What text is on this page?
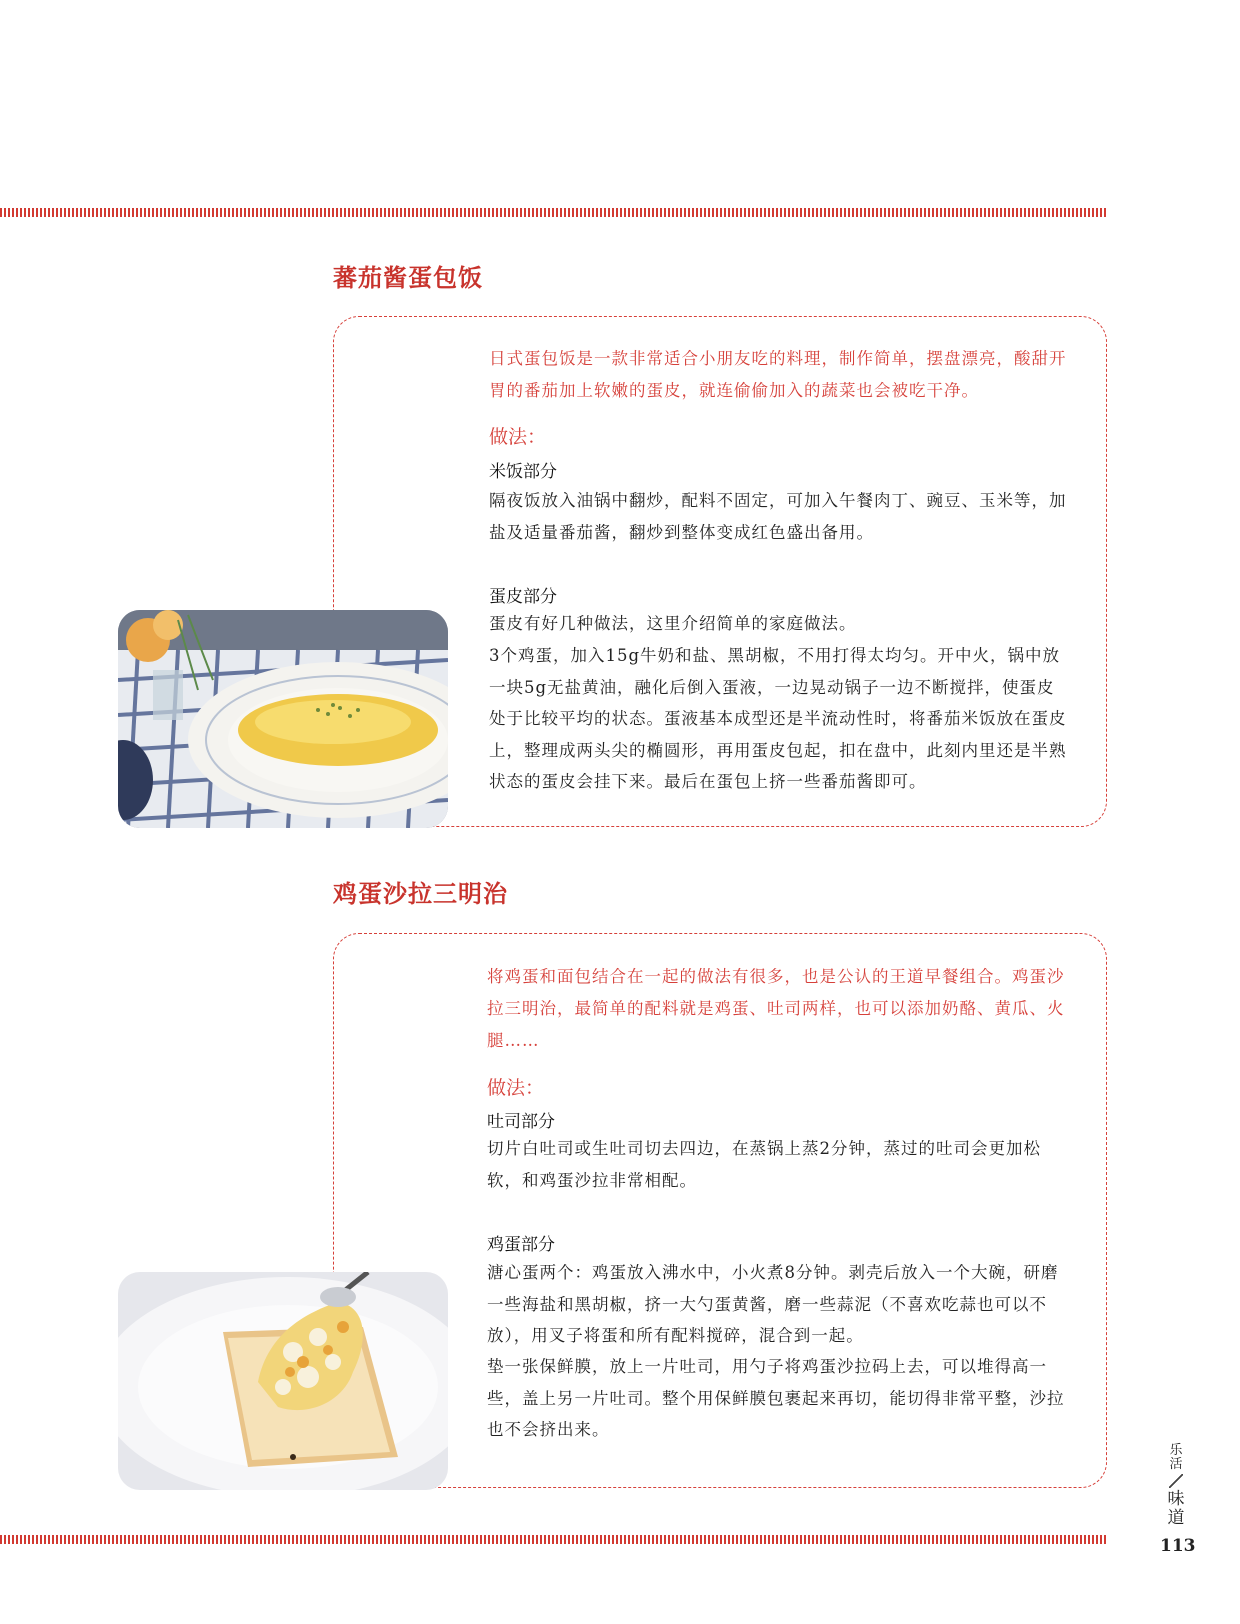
蕃茄酱蛋包饭

日式蛋包饭是一款非常适合小朋友吃的料理，制作简单，摆盘漂亮，酸甜开胃的番茄加上软嫩的蛋皮，就连偷偷加入的蔬菜也会被吃干净。

做法：

米饭部分

隔夜饭放入油锅中翻炒，配料不固定，可加入午餐肉丁、豌豆、玉米等，加盐及适量番茄酱，翻炒到整体变成红色盛出备用。

蛋皮部分

蛋皮有好几种做法，这里介绍简单的家庭做法。

3个鸡蛋，加入15g牛奶和盐、黑胡椒，不用打得太均匀。开中火，锅中放一块5g无盐黄油，融化后倒入蛋液，一边晃动锅子一边不断搅拌，使蛋皮处于比较平均的状态。蛋液基本成型还是半流动性时，将番茄米饭放在蛋皮上，整理成两头尖的椭圆形，再用蛋皮包起，扣在盘中，此刻内里还是半熟状态的蛋皮会挂下来。最后在蛋包上挤一些番茄酱即可。

鸡蛋沙拉三明治

将鸡蛋和面包结合在一起的做法有很多，也是公认的王道早餐组合。鸡蛋沙拉三明治，最简单的配料就是鸡蛋、吐司两样，也可以添加奶酪、黄瓜、火腿……

做法：

吐司部分

切片白吐司或生吐司切去四边，在蒸锅上蒸2分钟，蒸过的吐司会更加松软，和鸡蛋沙拉非常相配。

鸡蛋部分

溏心蛋两个：鸡蛋放入沸水中，小火煮8分钟。剥壳后放入一个大碗，研磨一些海盐和黑胡椒，挤一大勺蛋黄酱，磨一些蒜泥（不喜欢吃蒜也可以不放），用叉子将蛋和所有配料搅碎，混合到一起。

垫一张保鲜膜，放上一片吐司，用勺子将鸡蛋沙拉码上去，可以堆得高一些，盖上另一片吐司。整个用保鲜膜包裹起来再切，能切得非常平整，沙拉也不会挤出来。

乐活
味道
113
